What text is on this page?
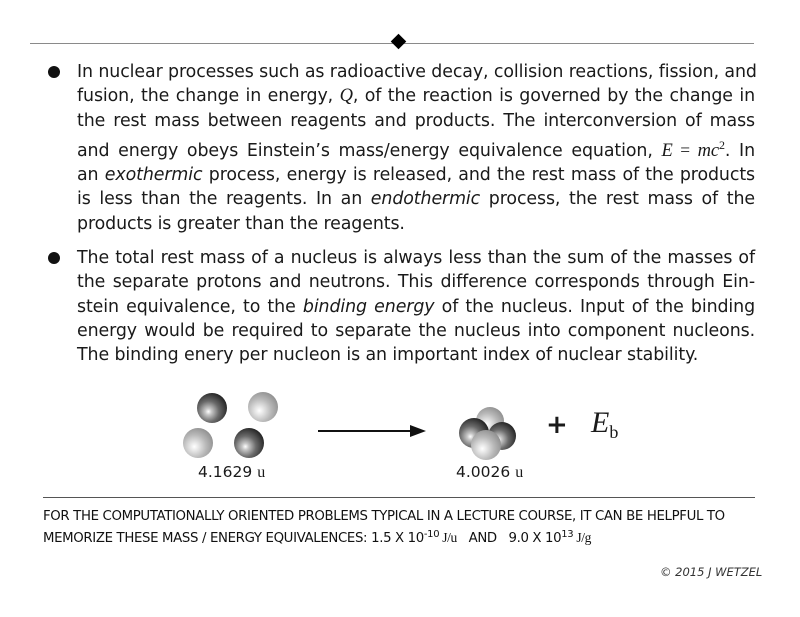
In nuclear processes such as radioactive decay, collision reactions, fission, and
fusion, the change in energy, Q, of the reaction is governed by the change in
the rest mass between reagents and products. The interconversion of mass
and energy obeys Einstein’s mass/energy equivalence equation, $E = mc^2$. In
an exothermic process, energy is released, and the rest mass of the products
is less than the reagents. In an endothermic process, the rest mass of the
products is greater than the reagents.
The total rest mass of a nucleus is always less than the sum of the masses of
the separate protons and neutrons. This difference corresponds through Ein-
stein equivalence, to the binding energy of the nucleus. Input of the binding
energy would be required to separate the nucleus into component nucleons.
The binding enery per nucleon is an important index of nuclear stability.
4.1629 u	4.0026 u
+ $E_b$
FOR THE COMPUTATIONALLY ORIENTED PROBLEMS TYPICAL IN A LECTURE COURSE, IT CAN BE HELPFUL TO
MEMORIZE THESE MASS / ENERGY EQUIVALENCES: 1.5 X $10^{-10}$ J/u   AND   9.0 X $10^{13}$ J/g
© 2015 J WETZEL
